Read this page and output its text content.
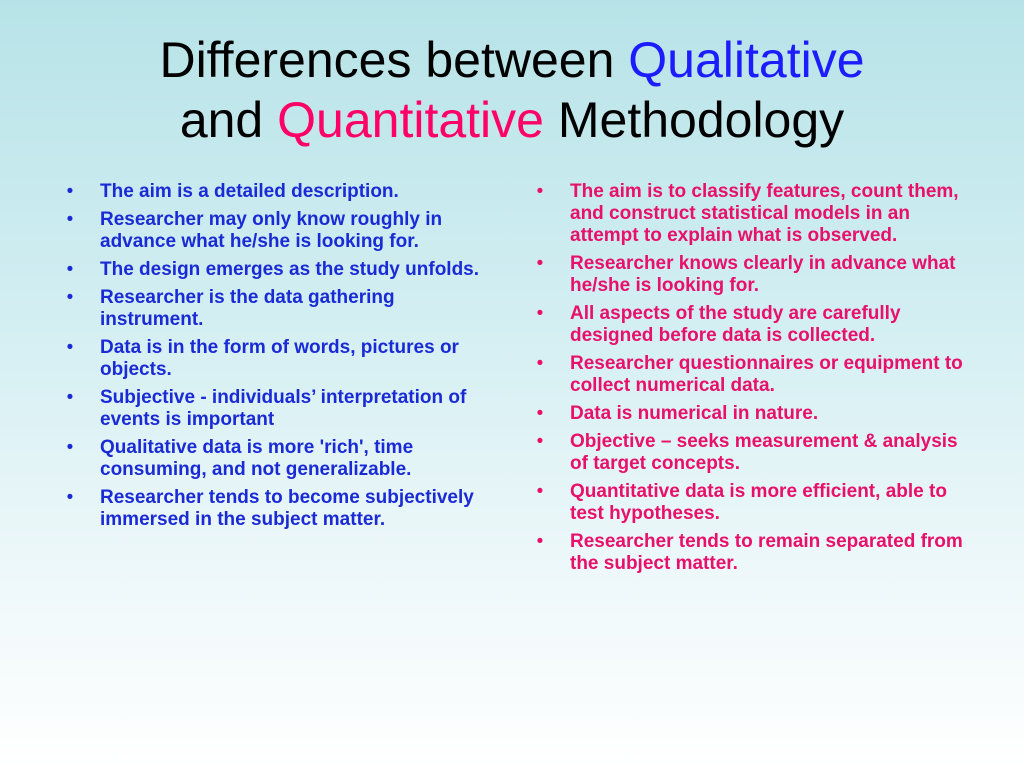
Differences between Qualitative
and Quantitative Methodology
•	The aim is a detailed description.
•	Researcher may only know roughly in advance what he/she is looking for.
•	The design emerges as the study unfolds.
•	Researcher is the data gathering instrument.
•	Data is in the form of words, pictures or objects.
•	Subjective - individuals’ interpretation of events is important
•	Qualitative data is more 'rich', time consuming, and not generalizable.
•	Researcher tends to become subjectively immersed in the subject matter.
•	The aim is to classify features, count them, and construct statistical models in an attempt to explain what is observed.
•	Researcher knows clearly in advance what he/she is looking for.
•	All aspects of the study are carefully designed before data is collected.
•	Researcher questionnaires or equipment to collect numerical data.
•	Data is numerical in nature.
•	Objective – seeks measurement & analysis of target concepts.
•	Quantitative data is more efficient, able to test hypotheses.
•	Researcher tends to remain separated from the subject matter.
